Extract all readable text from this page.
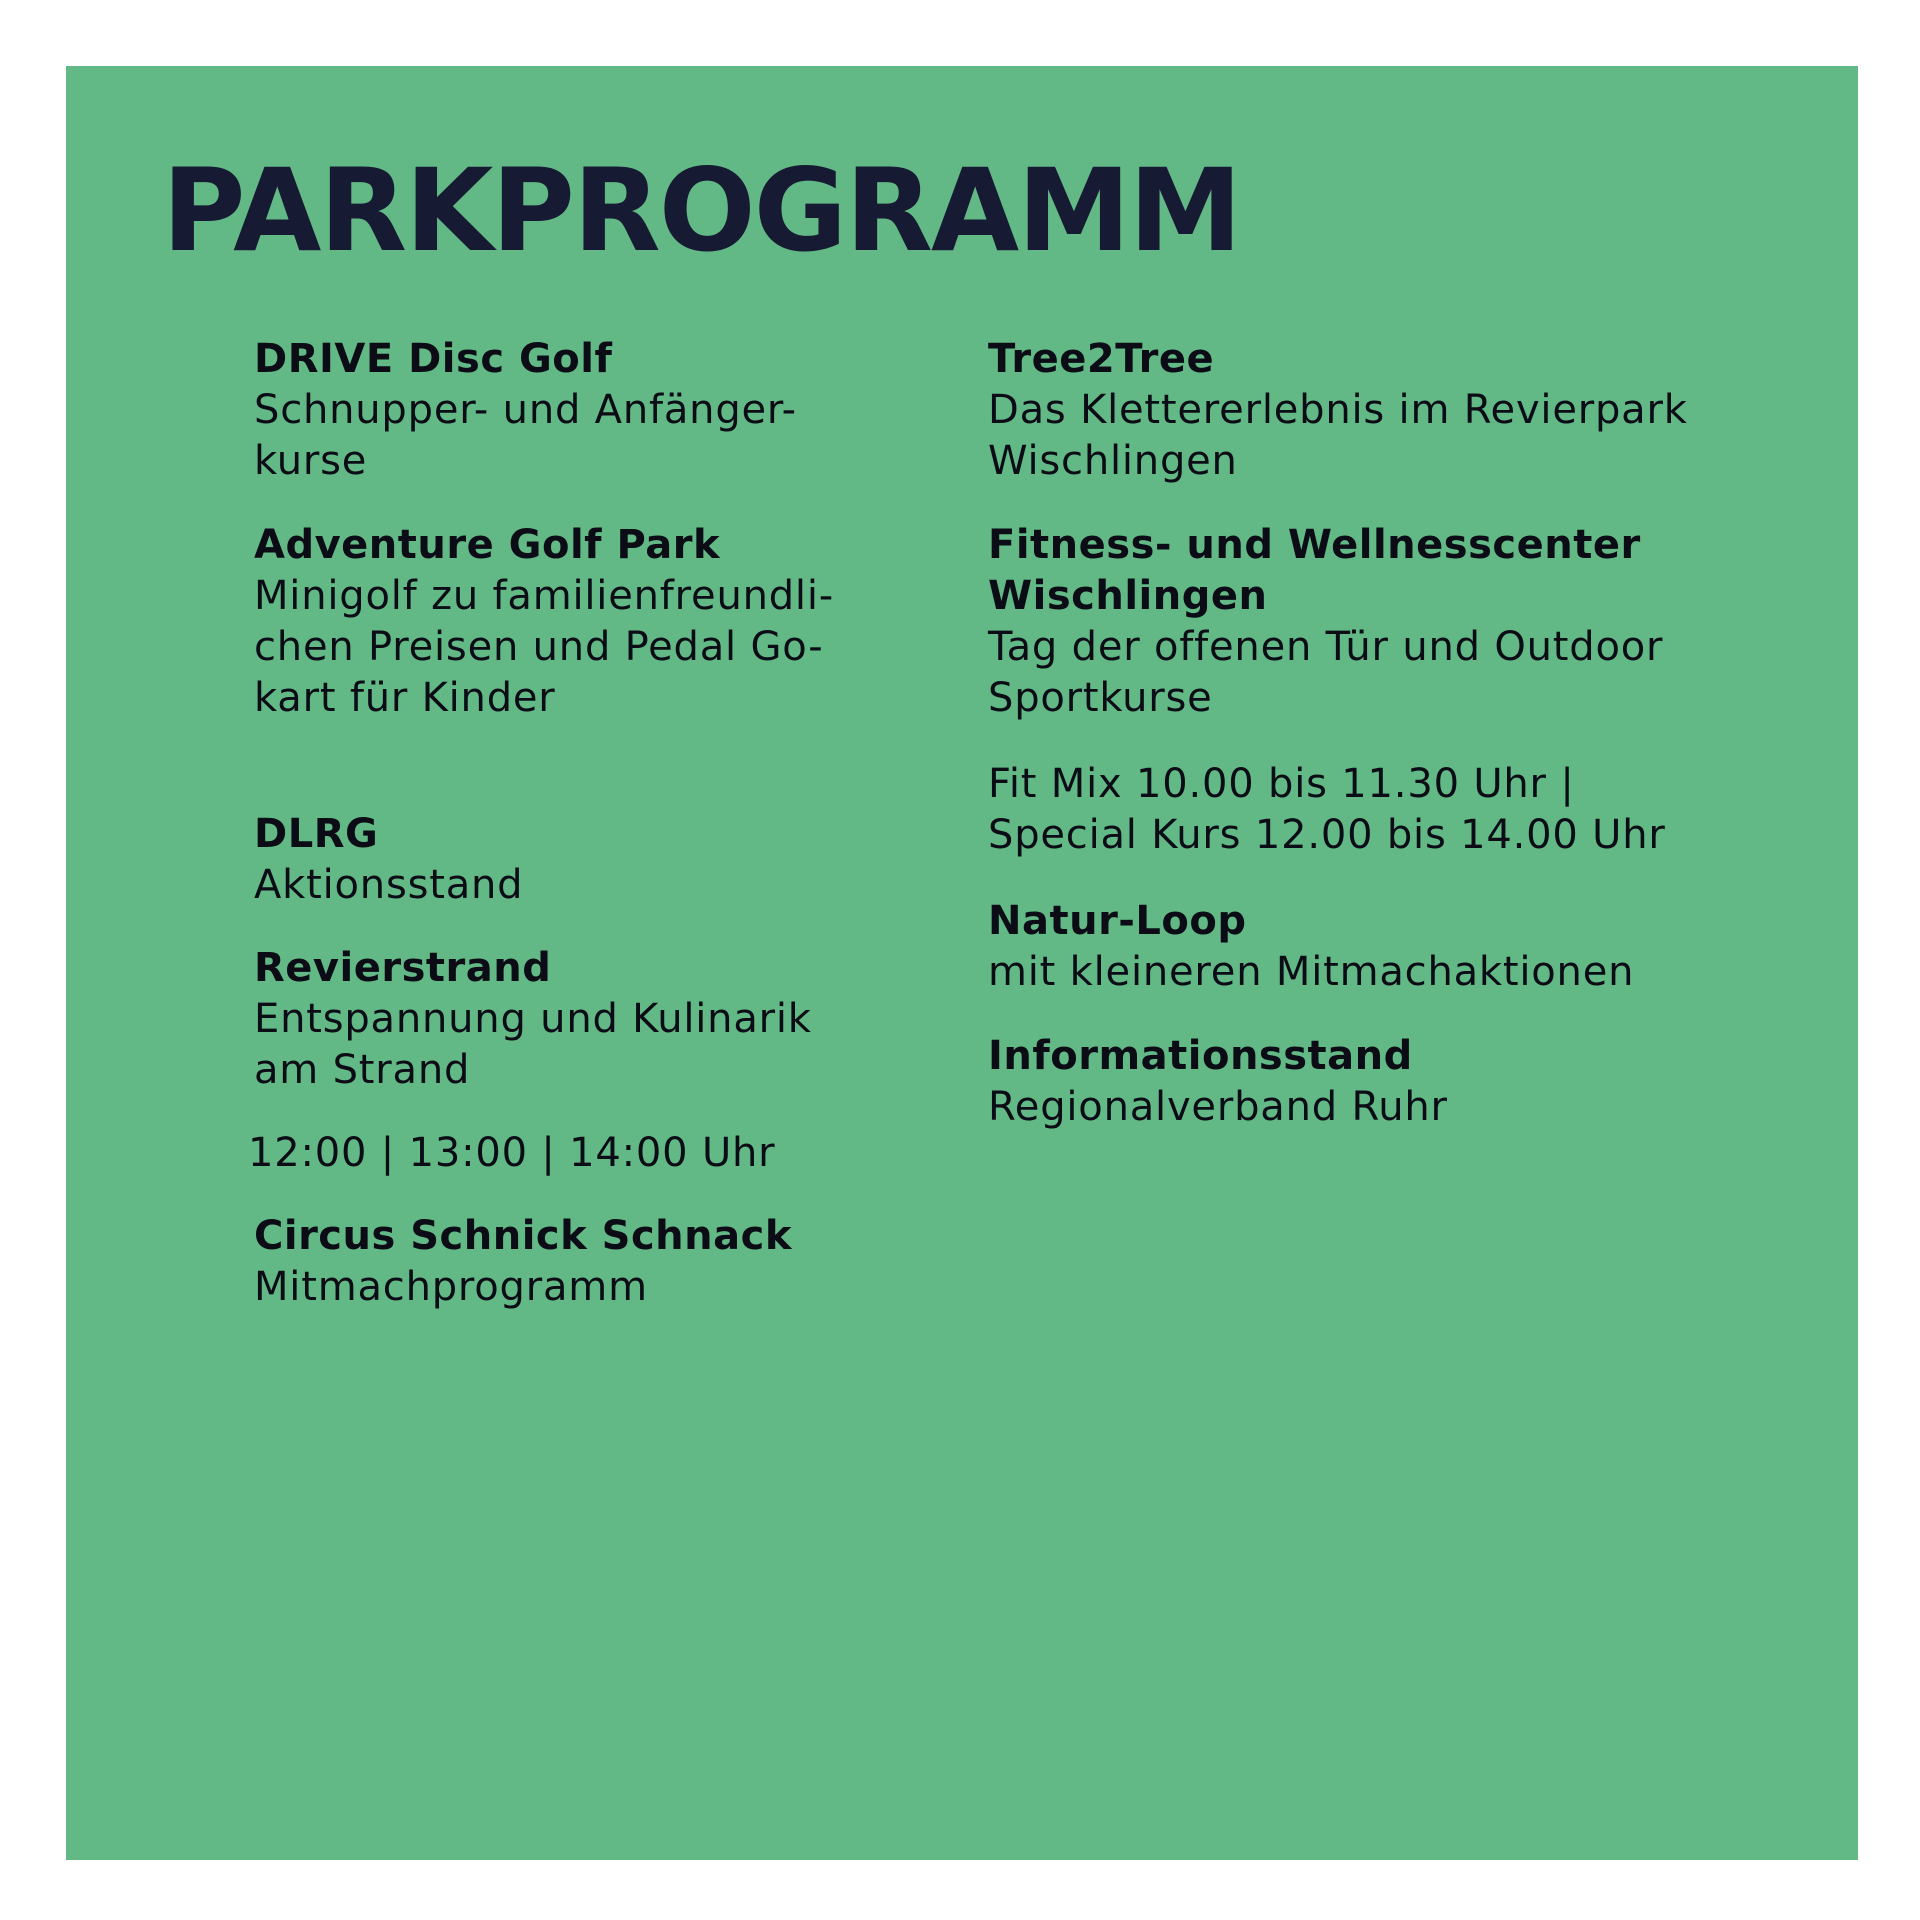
PARKPROGRAMM

DRIVE Disc Golf

Schnupper- und Anfänger-

kurse

Adventure Golf Park

Minigolf zu familienfreundli-

chen Preisen und Pedal Go-

kart für Kinder

DLRG

Aktionsstand

Revierstrand

Entspannung und Kulinarik

am Strand

12:00 | 13:00 | 14:00 Uhr

Circus Schnick Schnack

Mitmachprogramm

Tree2Tree

Das Klettererlebnis im Revierpark

Wischlingen

Fitness- und Wellnesscenter

Wischlingen

Tag der offenen Tür und Outdoor

Sportkurse

Fit Mix 10.00 bis 11.30 Uhr |

Special Kurs 12.00 bis 14.00 Uhr

Natur-Loop

mit kleineren Mitmachaktionen

Informationsstand

Regionalverband Ruhr
